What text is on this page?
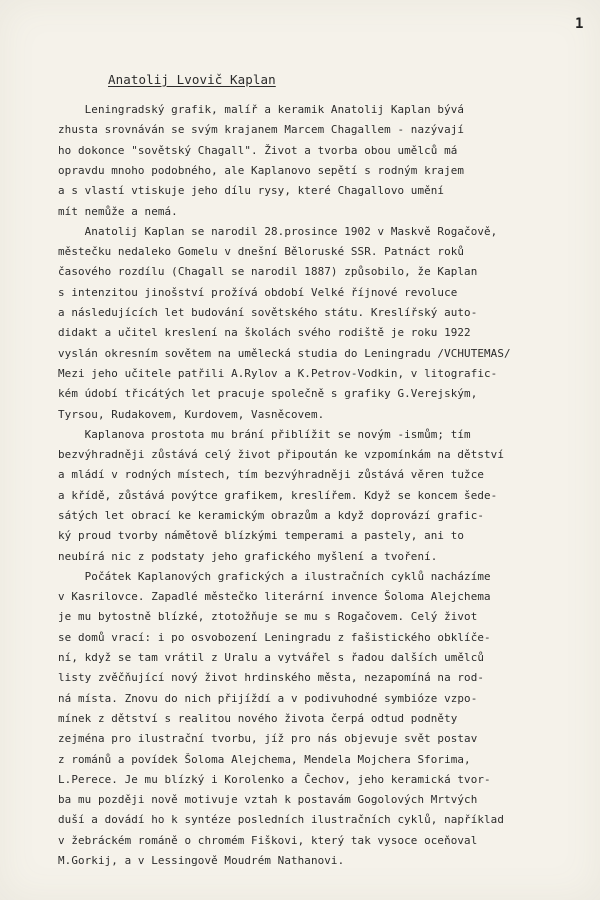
1
Anatolij Lvovič Kaplan
Leningradský grafik, malíř a keramik Anatolij Kaplan bývá
zhusta srovnáván se svým krajanem Marcem Chagallem - nazývají
ho dokonce "sovětský Chagall". Život a tvorba obou umělců má
opravdu mnoho podobného, ale Kaplanovo sepětí s rodným krajem
a s vlastí vtiskuje jeho dílu rysy, které Chagallovo umění
mít nemůže a nemá.
Anatolij Kaplan se narodil 28.prosince 1902 v Maskvě Rogačově,
městečku nedaleko Gomelu v dnešní Běloruské SSR. Patnáct roků
časového rozdílu (Chagall se narodil 1887) způsobilo, že Kaplan
s intenzitou jinošství prožívá období Velké říjnové revoluce
a následujících let budování sovětského státu. Kreslířský auto-
didakt a učitel kreslení na školách svého rodiště je roku 1922
vyslán okresním sovětem na umělecká studia do Leningradu /VCHUTEMAS/
Mezi jeho učitele patřili A.Rylov a K.Petrov-Vodkin, v litografic-
kém údobí třicátých let pracuje společně s grafiky G.Verejským,
Tyrsou, Rudakovem, Kurdovem, Vasněcovem.
Kaplanova prostota mu brání přiblížit se novým -ismům; tím
bezvýhradněji zůstává celý život připoután ke vzpomínkám na dětství
a mládí v rodných místech, tím bezvýhradněji zůstává věren tužce
a křídě, zůstává povýtce grafikem, kreslířem. Když se koncem šede-
sátých let obrací ke keramickým obrazům a když doprovází grafic-
ký proud tvorby námětově blízkými temperami a pastely, ani to
neubírá nic z podstaty jeho grafického myšlení a tvoření.
Počátek Kaplanových grafických a ilustračních cyklů nacházíme
v Kasrilovce. Zapadlé městečko literární invence Šoloma Alejchema
je mu bytostně blízké, ztotožňuje se mu s Rogačovem. Celý život
se domů vrací: i po osvobození Leningradu z fašistického obklíče-
ní, když se tam vrátil z Uralu a vytvářel s řadou dalších umělců
listy zvěčňující nový život hrdinského města, nezapomíná na rod-
ná místa. Znovu do nich přijíždí a v podivuhodné symbióze vzpo-
mínek z dětství s realitou nového života čerpá odtud podněty
zejména pro ilustrační tvorbu, jíž pro nás objevuje svět postav
z románů a povídek Šoloma Alejchema, Mendela Mojchera Sforima,
L.Perece. Je mu blízký i Korolenko a Čechov, jeho keramická tvor-
ba mu později nově motivuje vztah k postavám Gogolových Mrtvých
duší a dovádí ho k syntéze posledních ilustračních cyklů, například
v žebráckém románě o chromém Fiškovi, který tak vysoce oceňoval
M.Gorkij, a v Lessingově Moudrém Nathanovi.
